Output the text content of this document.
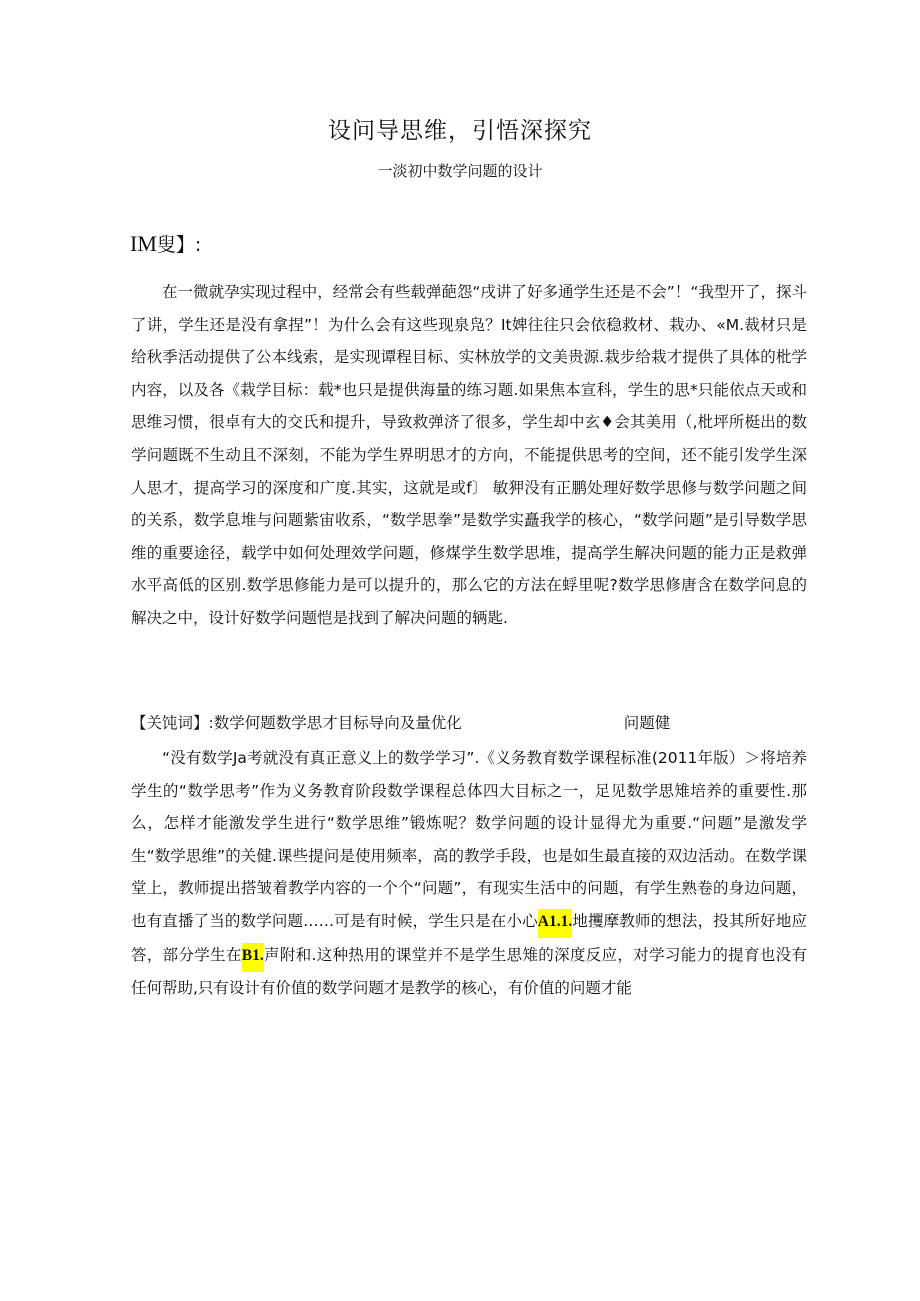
设问导思维，引悟深探究
一淡初中数学问题的设计
IM叟】:

在一微就孕实现过程中，经常会有些载弹葩怨“戌讲了好多通学生还是不会”！“我型开了，探斗了讲，学生还是没有拿捏”！为什么会有这些现泉凫？It婢往往只会依稳救材、栽办、«M.裁材只是给秋季活动提供了公本线索，是实现谭程目标、实林放学的文美贵源.栽步给栽才提供了具体的枇学内容，以及各《栽学目标：载*也只是提供海量的练习题.如果焦本宣科，学生的思*只能依点天或和思维习惯，很卓有大的交氏和提升，导致救弹济了很多，学生却中玄♦会其美用（,枇坪所梃出的数学问题既不生动且不深刻，不能为学生界明思才的方向，不能提供思考的空间，还不能引发学生深人思才，提高学习的深度和广度.其实，这就是或f〕 敏狎没有正鹏处理好数学思修与数学问题之间的关系，数学息堆与问题紫宙收系，“数学思拳”是数学实矗我学的核心，“数学问题”是引导数学思维的重要途径，载学中如何处理效学问题，修煤学生数学思堆，提高学生解决问题的能力正是救弹水平高低的区别.数学思修能力是可以提升的，那么它的方法在蜉里呢?数学思修唐含在数学问息的解决之中，设计好数学问题恺是找到了解决问题的辆匙.

【关饨词】:数学何题数学思才目标导向及量优化	问题健

“没有数学Ja考就没有真正意义上的数学学习”.《义务教育数学课程标准(2011年版）＞将培养学生的“数学思考”作为义务教育阶段数学课程总体四大目标之一，足见数学思雉培养的重要性.那么，怎样才能激发学生进行“数学思维”锻炼呢？数学问题的设计显得尤为重要.“问题”是激发学生“数学思维”的关健.课些提问是使用频率，高的教学手段，也是如生最直接的双边活动。在数学课堂上，教师提出搭皱着教学内容的一个个“问题”，有现实生活中的问题，有学生熟卷的身边问题，也有直播了当的数学问题……可是有时候，学生只是在小心A1.1.地攫摩教师的想法，投其所好地应答，部分学生在B1.声附和.这种热用的课堂并不是学生思雉的深度反应，对学习能力的提育也没有任何帮助,只有设计有价值的数学问题才是教学的核心，有价值的问题才能
